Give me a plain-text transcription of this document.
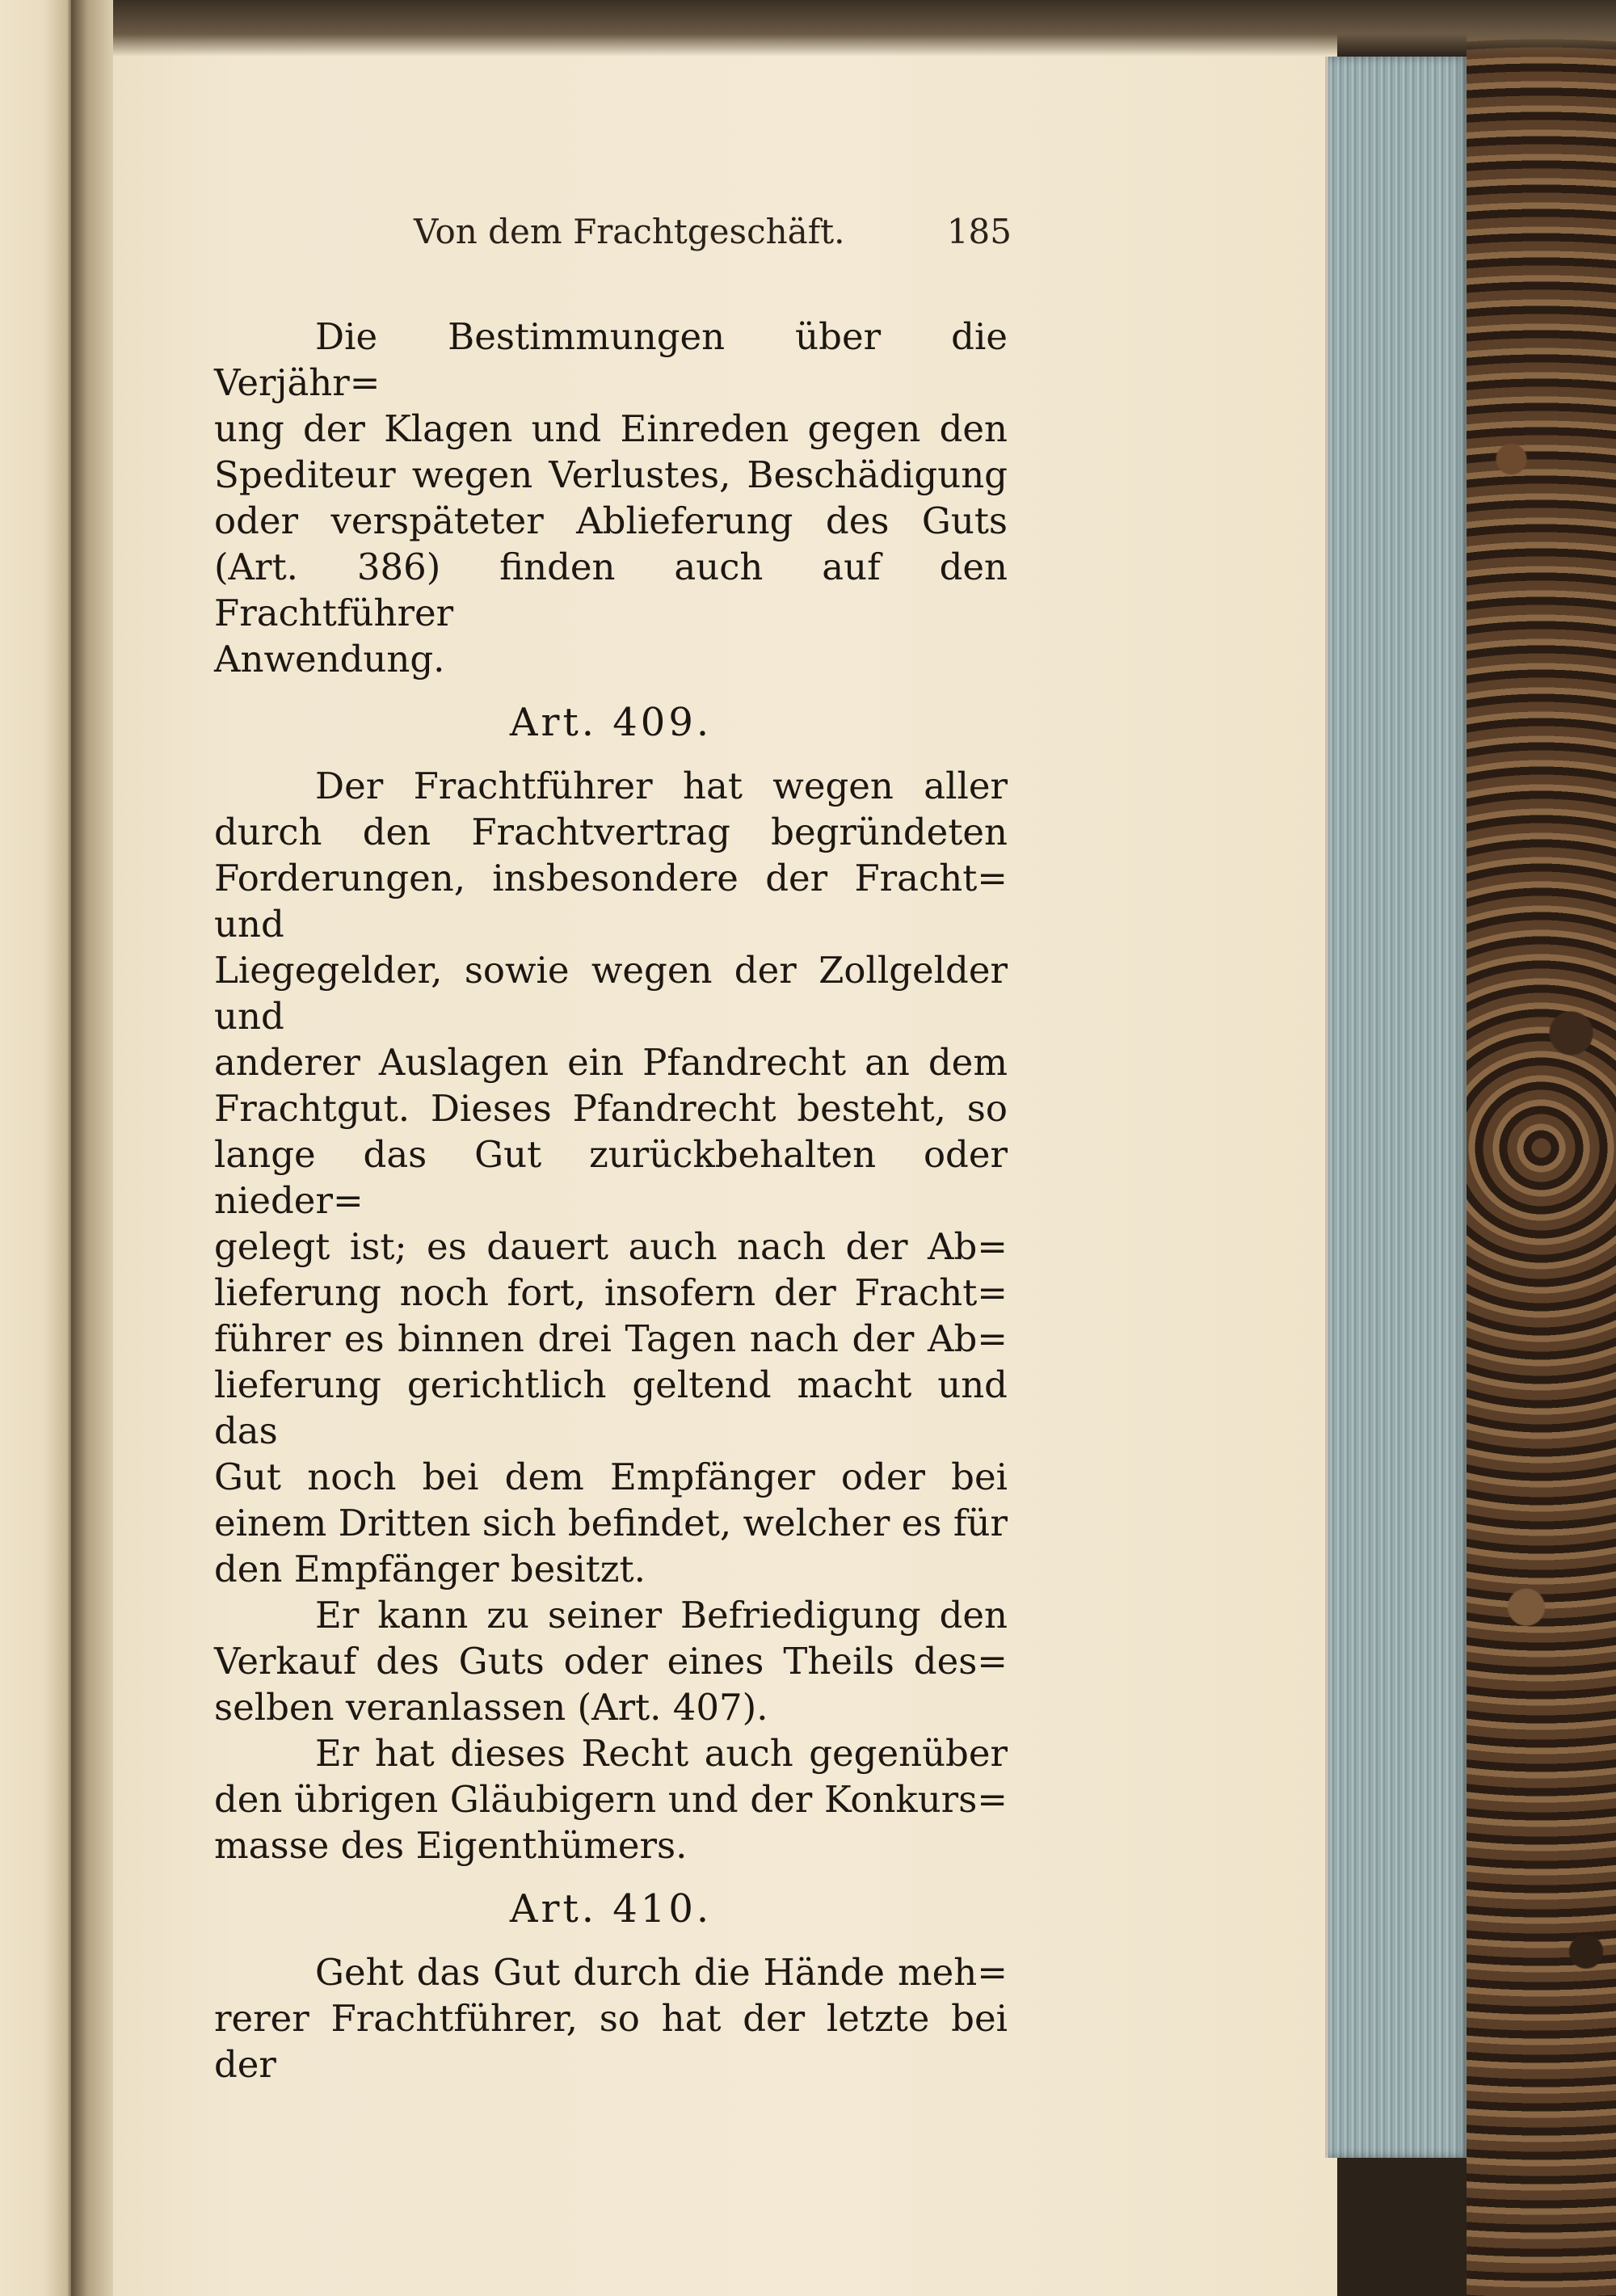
Von dem Frachtgeschäft.	185

Die Bestimmungen über die Verjähr=

ung der Klagen und Einreden gegen den

Spediteur wegen Verlustes, Beschädigung

oder verspäteter Ablieferung des Guts

(Art. 386) finden auch auf den Frachtführer

Anwendung.

Art. 409.

Der Frachtführer hat wegen aller

durch den Frachtvertrag begründeten

Forderungen, insbesondere der Fracht= und

Liegegelder, sowie wegen der Zollgelder und

anderer Auslagen ein Pfandrecht an dem

Frachtgut. Dieses Pfandrecht besteht, so

lange das Gut zurückbehalten oder nieder=

gelegt ist; es dauert auch nach der Ab=

lieferung noch fort, insofern der Fracht=

führer es binnen drei Tagen nach der Ab=

lieferung gerichtlich geltend macht und das

Gut noch bei dem Empfänger oder bei

einem Dritten sich befindet, welcher es für

den Empfänger besitzt.

Er kann zu seiner Befriedigung den

Verkauf des Guts oder eines Theils des=

selben veranlassen (Art. 407).

Er hat dieses Recht auch gegenüber

den übrigen Gläubigern und der Konkurs=

masse des Eigenthümers.

Art. 410.

Geht das Gut durch die Hände meh=

rerer Frachtführer, so hat der letzte bei der
